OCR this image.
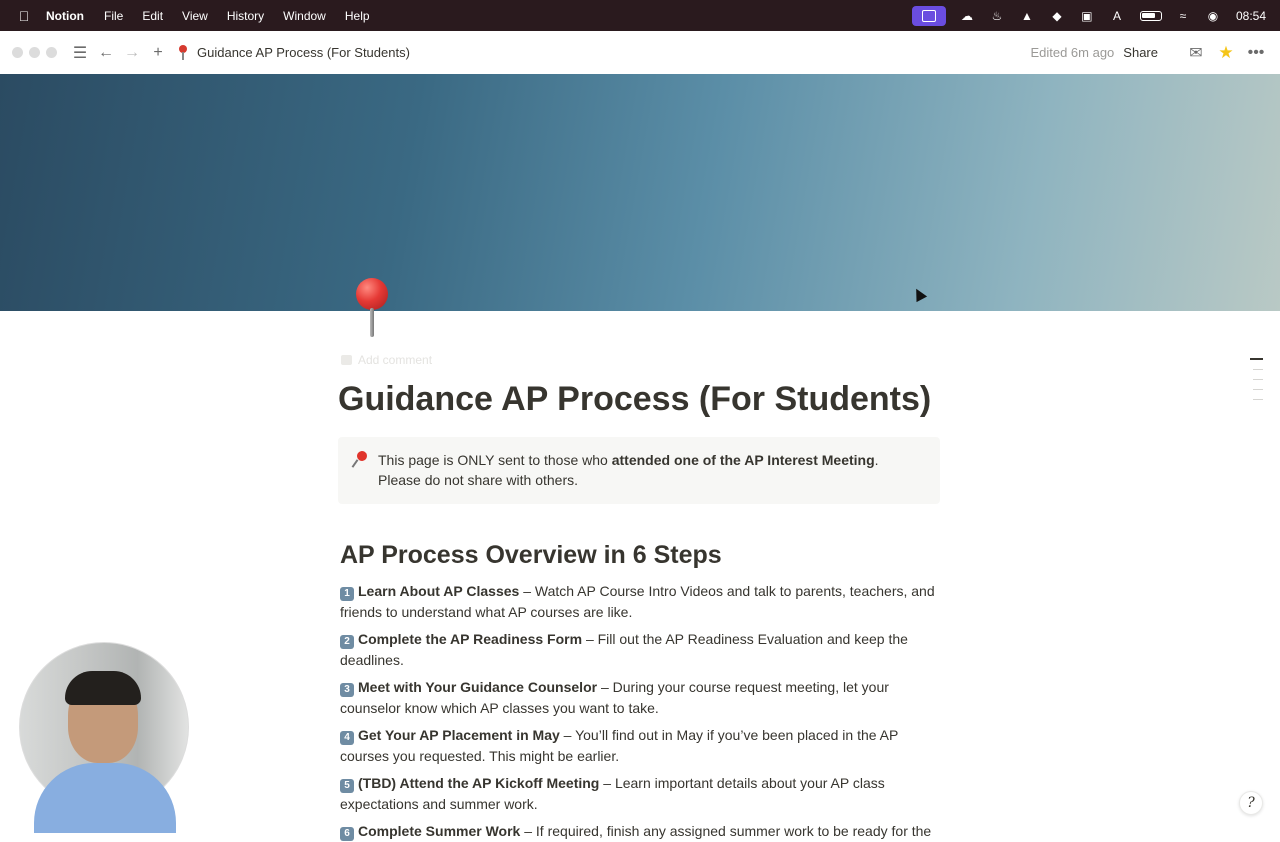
Notion File Edit View History Window Help	☁	♨	▲	◆	▣	A	≈	◉	08:54
☰ ← → +	Guidance AP Process (For Students)	Edited 6m ago Share ✉ ★ •••
Add comment
Guidance AP Process (For Students)
This page is ONLY sent to those who attended one of the AP Interest Meeting. Please do not share with others.
AP Process Overview in 6 Steps
1 Learn About AP Classes – Watch AP Course Intro Videos and talk to parents, teachers, and friends to understand what AP courses are like.
2 Complete the AP Readiness Form – Fill out the AP Readiness Evaluation and keep the deadlines.
3 Meet with Your Guidance Counselor – During your course request meeting, let your counselor know which AP classes you want to take.
4 Get Your AP Placement in May – You’ll find out in May if you’ve been placed in the AP courses you requested. This might be earlier.
5 (TBD) Attend the AP Kickoff Meeting – Learn important details about your AP class expectations and summer work.
6 Complete Summer Work – If required, finish any assigned summer work to be ready for the
?
